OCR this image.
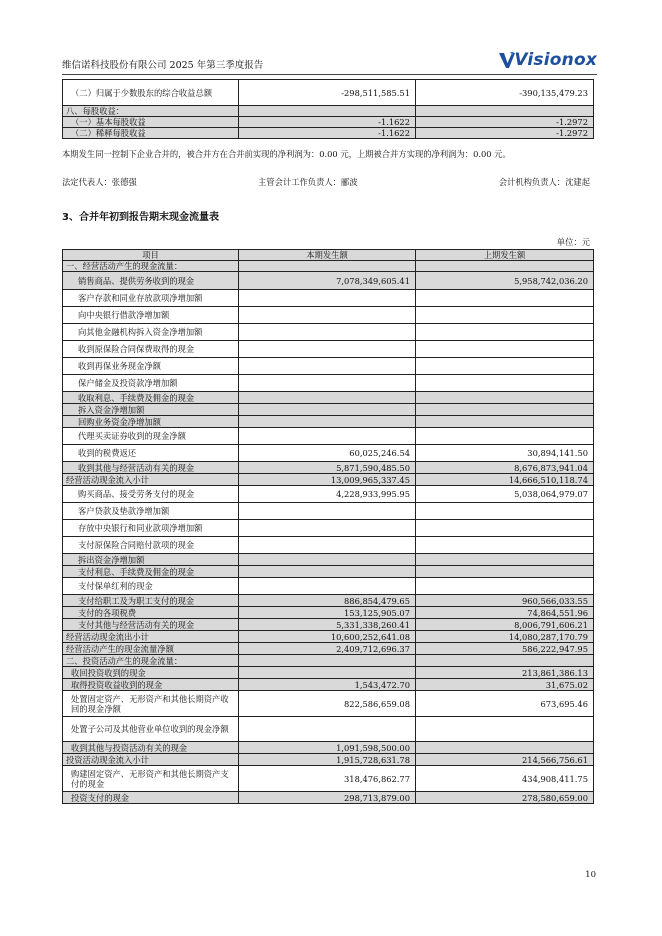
维信诺科技股份有限公司 2025 年第三季度报告	Visionox
（二）归属于少数股东的综合收益总额	-298,511,585.51	-390,135,479.23
八、每股收益：		
（一）基本每股收益	-1.1622	-1.2972
（二）稀释每股收益	-1.1622	-1.2972
本期发生同一控制下企业合并的，被合并方在合并前实现的净利润为：0.00 元，上期被合并方实现的净利润为：0.00 元。
法定代表人：张德强	主管会计工作负责人：郦波	会计机构负责人：沈建起
3、合并年初到报告期末现金流量表
单位：元
项目	本期发生额	上期发生额
一、经营活动产生的现金流量：		
销售商品、提供劳务收到的现金	7,078,349,605.41	5,958,742,036.20
客户存款和同业存放款项净增加额		
向中央银行借款净增加额		
向其他金融机构拆入资金净增加额		
收到原保险合同保费取得的现金		
收到再保业务现金净额		
保户储金及投资款净增加额		
收取利息、手续费及佣金的现金		
拆入资金净增加额		
回购业务资金净增加额		
代理买卖证券收到的现金净额		
收到的税费返还	60,025,246.54	30,894,141.50
收到其他与经营活动有关的现金	5,871,590,485.50	8,676,873,941.04
经营活动现金流入小计	13,009,965,337.45	14,666,510,118.74
购买商品、接受劳务支付的现金	4,228,933,995.95	5,038,064,979.07
客户贷款及垫款净增加额		
存放中央银行和同业款项净增加额		
支付原保险合同赔付款项的现金		
拆出资金净增加额		
支付利息、手续费及佣金的现金		
支付保单红利的现金		
支付给职工及为职工支付的现金	886,854,479.65	960,566,033.55
支付的各项税费	153,125,905.07	74,864,551.96
支付其他与经营活动有关的现金	5,331,338,260.41	8,006,791,606.21
经营活动现金流出小计	10,600,252,641.08	14,080,287,170.79
经营活动产生的现金流量净额	2,409,712,696.37	586,222,947.95
二、投资活动产生的现金流量：		
收回投资收到的现金		213,861,386.13
取得投资收益收到的现金	1,543,472.70	31,675.02
处置固定资产、无形资产和其他长期资产收回的现金净额	822,586,659.08	673,695.46
处置子公司及其他营业单位收到的现金净额		
收到其他与投资活动有关的现金	1,091,598,500.00	
投资活动现金流入小计	1,915,728,631.78	214,566,756.61
购建固定资产、无形资产和其他长期资产支付的现金	318,476,862.77	434,908,411.75
投资支付的现金	298,713,879.00	278,580,659.00
10
